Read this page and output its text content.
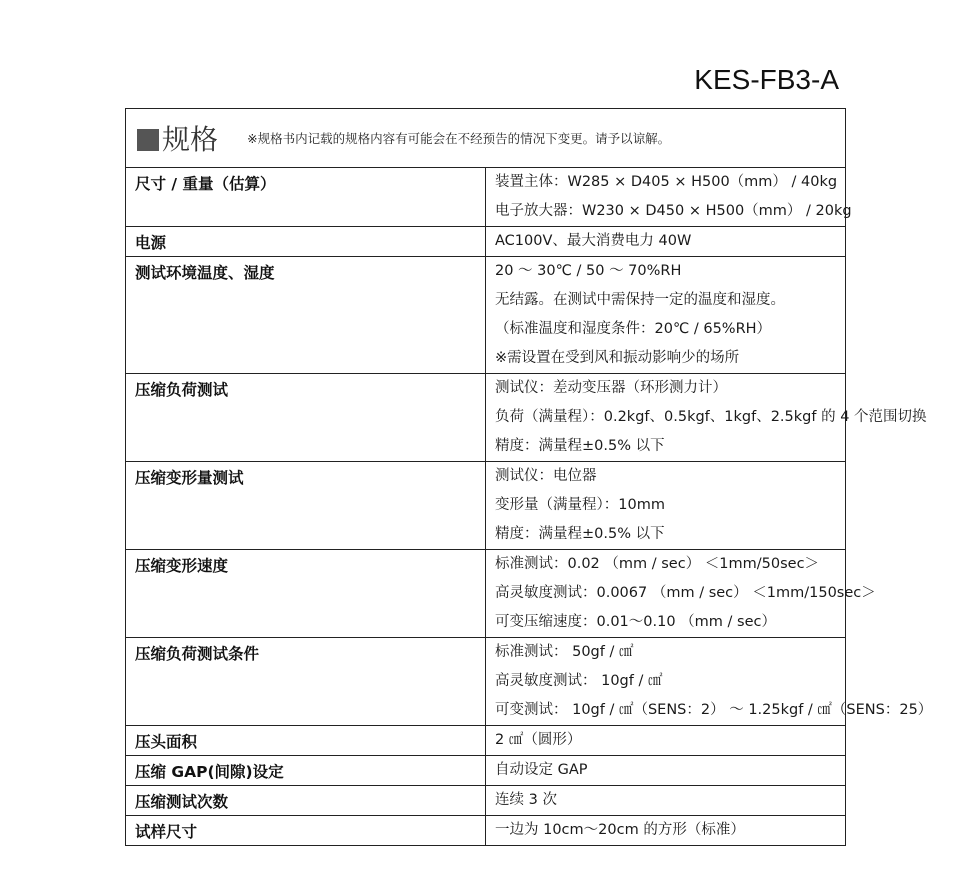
KES-FB3-A
规格 ※规格书内记载的规格内容有可能会在不经预告的情况下变更。请予以谅解。	
尺寸 / 重量（估算）	装置主体：W285 × D405 × H500（mm） / 40kg
电子放大器：W230 × D450 × H500（mm） / 20kg

电源	AC100V、最大消费电力 40W

测试环境温度、湿度	20 ～ 30℃ / 50 ～ 70%RH
无结露。在测试中需保持一定的温度和湿度。
（标准温度和湿度条件：20℃ / 65%RH）
※需设置在受到风和振动影响少的场所

压缩负荷测试	测试仪：差动变压器（环形测力计）
负荷（满量程）：0.2kgf、0.5kgf、1kgf、2.5kgf 的 4 个范围切换
精度：满量程±0.5% 以下

压缩变形量测试	测试仪：电位器
变形量（满量程）：10mm
精度：满量程±0.5% 以下

压缩变形速度	标准测试：0.02 （mm / sec） ＜1mm/50sec＞
高灵敏度测试：0.0067 （mm / sec） ＜1mm/150sec＞
可变压缩速度：0.01～0.10 （mm / sec）

压缩负荷测试条件	标准测试： 50gf / ㎠
高灵敏度测试： 10gf / ㎠
可变测试： 10gf / ㎠（SENS：2） ～ 1.25kgf / ㎠（SENS：25）

压头面积	2 ㎠（圆形）

压缩 GAP(间隙)设定	自动设定 GAP

压缩测试次数	连续 3 次

试样尺寸	一边为 10cm～20cm 的方形（标准）
